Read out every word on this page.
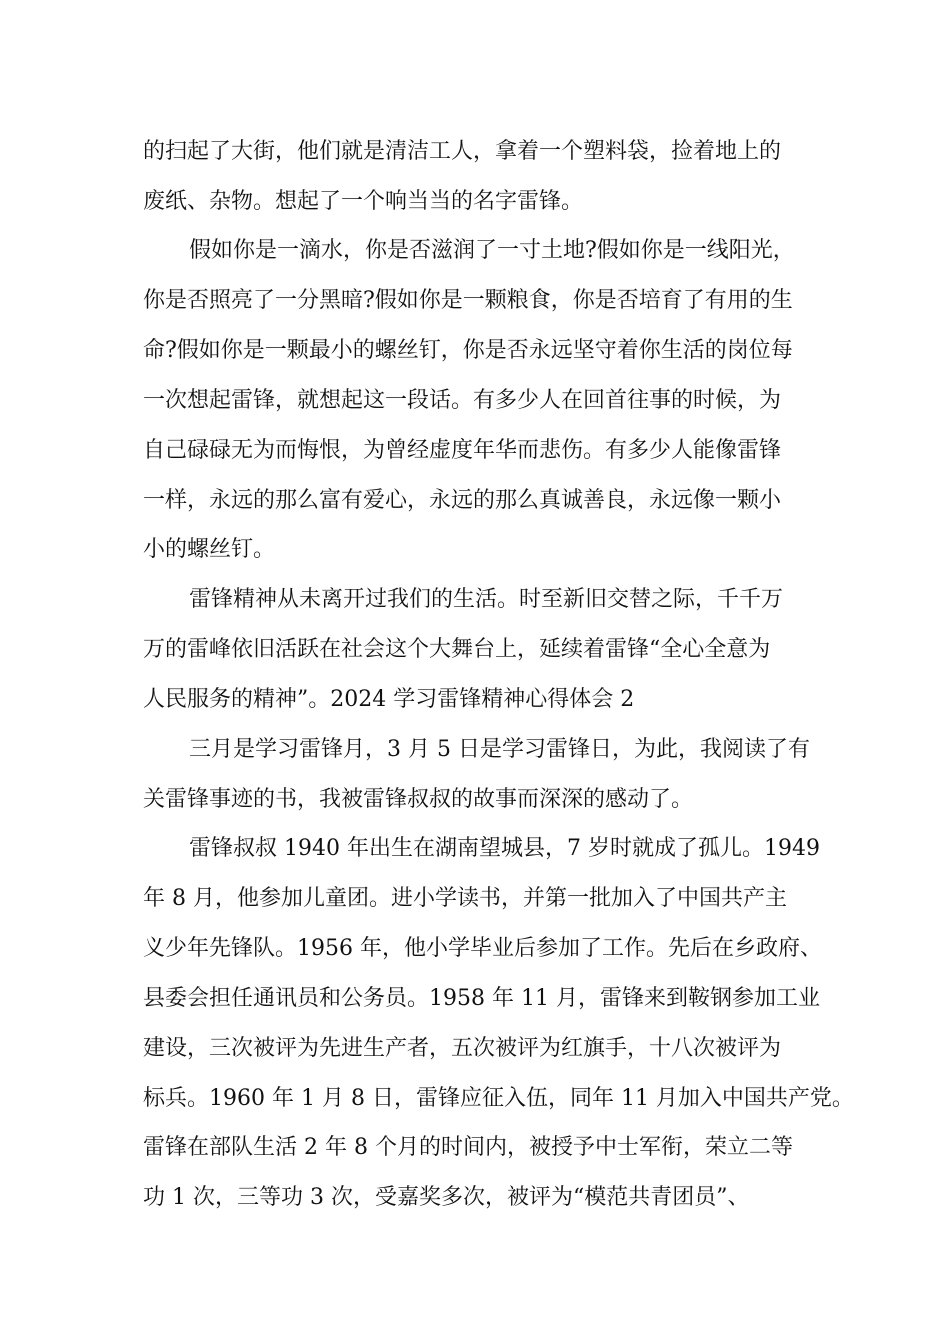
的扫起了大街，他们就是清洁工人，拿着一个塑料袋，捡着地上的
废纸、杂物。想起了一个响当当的名字雷锋。
假如你是一滴水，你是否滋润了一寸土地?假如你是一线阳光，
你是否照亮了一分黑暗?假如你是一颗粮食，你是否培育了有用的生
命?假如你是一颗最小的螺丝钉，你是否永远坚守着你生活的岗位每
一次想起雷锋，就想起这一段话。有多少人在回首往事的时候，为
自己碌碌无为而悔恨，为曾经虚度年华而悲伤。有多少人能像雷锋
一样，永远的那么富有爱心，永远的那么真诚善良，永远像一颗小
小的螺丝钉。
雷锋精神从未离开过我们的生活。时至新旧交替之际，千千万
万的雷峰依旧活跃在社会这个大舞台上，延续着雷锋“全心全意为
人民服务的精神”。2024 学习雷锋精神心得体会 2
三月是学习雷锋月，3 月 5 日是学习雷锋日，为此，我阅读了有
关雷锋事迹的书，我被雷锋叔叔的故事而深深的感动了。
雷锋叔叔 1940 年出生在湖南望城县，7 岁时就成了孤儿。1949
年 8 月，他参加儿童团。进小学读书，并第一批加入了中国共产主
义少年先锋队。1956 年，他小学毕业后参加了工作。先后在乡政府、
县委会担任通讯员和公务员。1958 年 11 月，雷锋来到鞍钢参加工业
建设，三次被评为先进生产者，五次被评为红旗手，十八次被评为
标兵。1960 年 1 月 8 日，雷锋应征入伍，同年 11 月加入中国共产党。
雷锋在部队生活 2 年 8 个月的时间内，被授予中士军衔，荣立二等
功 1 次，三等功 3 次，受嘉奖多次，被评为“模范共青团员”、
